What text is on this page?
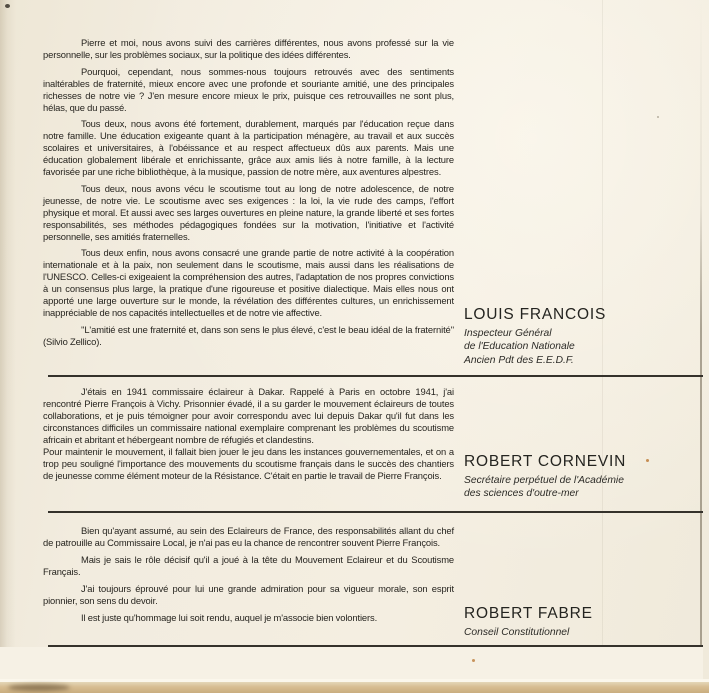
Pierre et moi, nous avons suivi des carrières différentes, nous avons professé sur la vie personnelle, sur les problèmes sociaux, sur la politique des idées différentes.

Pourquoi, cependant, nous sommes-nous toujours retrouvés avec des sentiments inaltérables de fraternité, mieux encore avec une profonde et souriante amitié, une des principales richesses de notre vie ? J'en mesure encore mieux le prix, puisque ces retrouvailles ne sont plus, hélas, que du passé.

Tous deux, nous avons été fortement, durablement, marqués par l'éducation reçue dans notre famille. Une éducation exigeante quant à la participation ménagère, au travail et aux succès scolaires et universitaires, à l'obéissance et au respect affectueux dûs aux parents. Mais une éducation globalement libérale et enrichissante, grâce aux amis liés à notre famille, à la lecture favorisée par une riche bibliothèque, à la musique, passion de notre mère, aux aventures alpestres.

Tous deux, nous avons vécu le scoutisme tout au long de notre adolescence, de notre jeunesse, de notre vie. Le scoutisme avec ses exigences : la loi, la vie rude des camps, l'effort physique et moral. Et aussi avec ses larges ouvertures en pleine nature, la grande liberté et ses fortes responsabilités, ses méthodes pédagogiques fondées sur la motivation, l'initiative et l'activité personnelle, ses amitiés fraternelles.

Tous deux enfin, nous avons consacré une grande partie de notre activité à la coopération internationale et à la paix, non seulement dans le scoutisme, mais aussi dans les réalisations de l'UNESCO. Celles-ci exigeaient la compréhension des autres, l'adaptation de nos propres convictions à un consensus plus large, la pratique d'une rigoureuse et positive dialectique. Mais elles nous ont apporté une large ouverture sur le monde, la révélation des différentes cultures, un enrichissement inappréciable de nos capacités intellectuelles et de notre vie affective.

''L'amitié est une fraternité et, dans son sens le plus élevé, c'est le beau idéal de la fraternité'' (Silvio Zellico).

LOUIS FRANCOIS
Inspecteur Général
de l'Education Nationale
Ancien Pdt des E.E.D.F.

J'étais en 1941 commissaire éclaireur à Dakar. Rappelé à Paris en octobre 1941, j'ai rencontré Pierre François à Vichy. Prisonnier évadé, il a su garder le mouvement éclaireurs de toutes collaborations, et je puis témoigner pour avoir correspondu avec lui depuis Dakar qu'il fut dans les circonstances difficiles un commissaire national exemplaire comprenant les problèmes du scoutisme africain et abritant et hébergeant nombre de réfugiés et clandestins.

Pour maintenir le mouvement, il fallait bien jouer le jeu dans les instances gouvernementales, et on a trop peu souligné l'importance des mouvements du scoutisme français dans le succès des chantiers de jeunesse comme élément moteur de la Résistance. C'était en partie le travail de Pierre François.

ROBERT CORNEVIN
Secrétaire perpétuel de l'Académie
des sciences d'outre-mer

Bien qu'ayant assumé, au sein des Eclaireurs de France, des responsabilités allant du chef de patrouille au Commissaire Local, je n'ai pas eu la chance de rencontrer souvent Pierre François.

Mais je sais le rôle décisif qu'il a joué à la tête du Mouvement Eclaireur et du Scoutisme Français.

J'ai toujours éprouvé pour lui une grande admiration pour sa vigueur morale, son esprit pionnier, son sens du devoir.

Il est juste qu'hommage lui soit rendu, auquel je m'associe bien volontiers.	ROBERT FABRE
Conseil Constitutionnel
